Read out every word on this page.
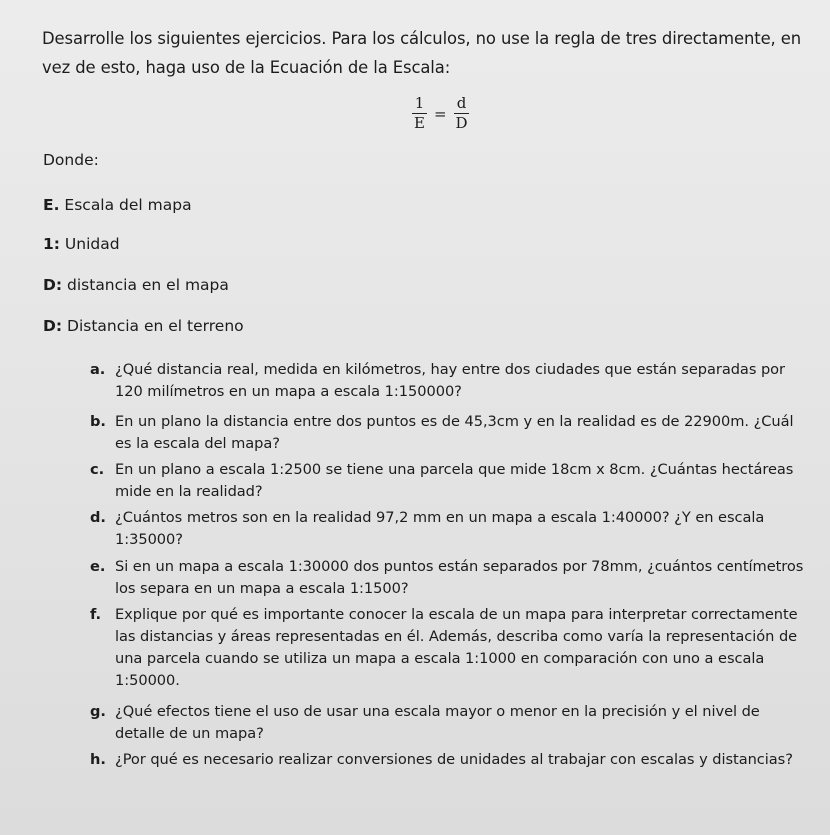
Desarrolle los siguientes ejercicios. Para los cálculos, no use la regla de tres directamente, en vez de esto, haga uso de la Ecuación de la Escala:
$\frac{1}{E} = \frac{d}{D}$
Donde:
E. Escala del mapa
1: Unidad
D: distancia en el mapa
D: Distancia en el terreno
a. ¿Qué distancia real, medida en kilómetros, hay entre dos ciudades que están separadas por 120 milímetros en un mapa a escala 1:150000?
b. En un plano la distancia entre dos puntos es de 45,3cm y en la realidad es de 22900m. ¿Cuál es la escala del mapa?
c. En un plano a escala 1:2500 se tiene una parcela que mide 18cm x 8cm. ¿Cuántas hectáreas mide en la realidad?
d. ¿Cuántos metros son en la realidad 97,2 mm en un mapa a escala 1:40000? ¿Y en escala 1:35000?
e. Si en un mapa a escala 1:30000 dos puntos están separados por 78mm, ¿cuántos centímetros los separa en un mapa a escala 1:1500?
f. Explique por qué es importante conocer la escala de un mapa para interpretar correctamente las distancias y áreas representadas en él. Además, describa como varía la representación de una parcela cuando se utiliza un mapa a escala 1:1000 en comparación con uno a escala 1:50000.
g. ¿Qué efectos tiene el uso de usar una escala mayor o menor en la precisión y el nivel de detalle de un mapa?
h. ¿Por qué es necesario realizar conversiones de unidades al trabajar con escalas y distancias?
